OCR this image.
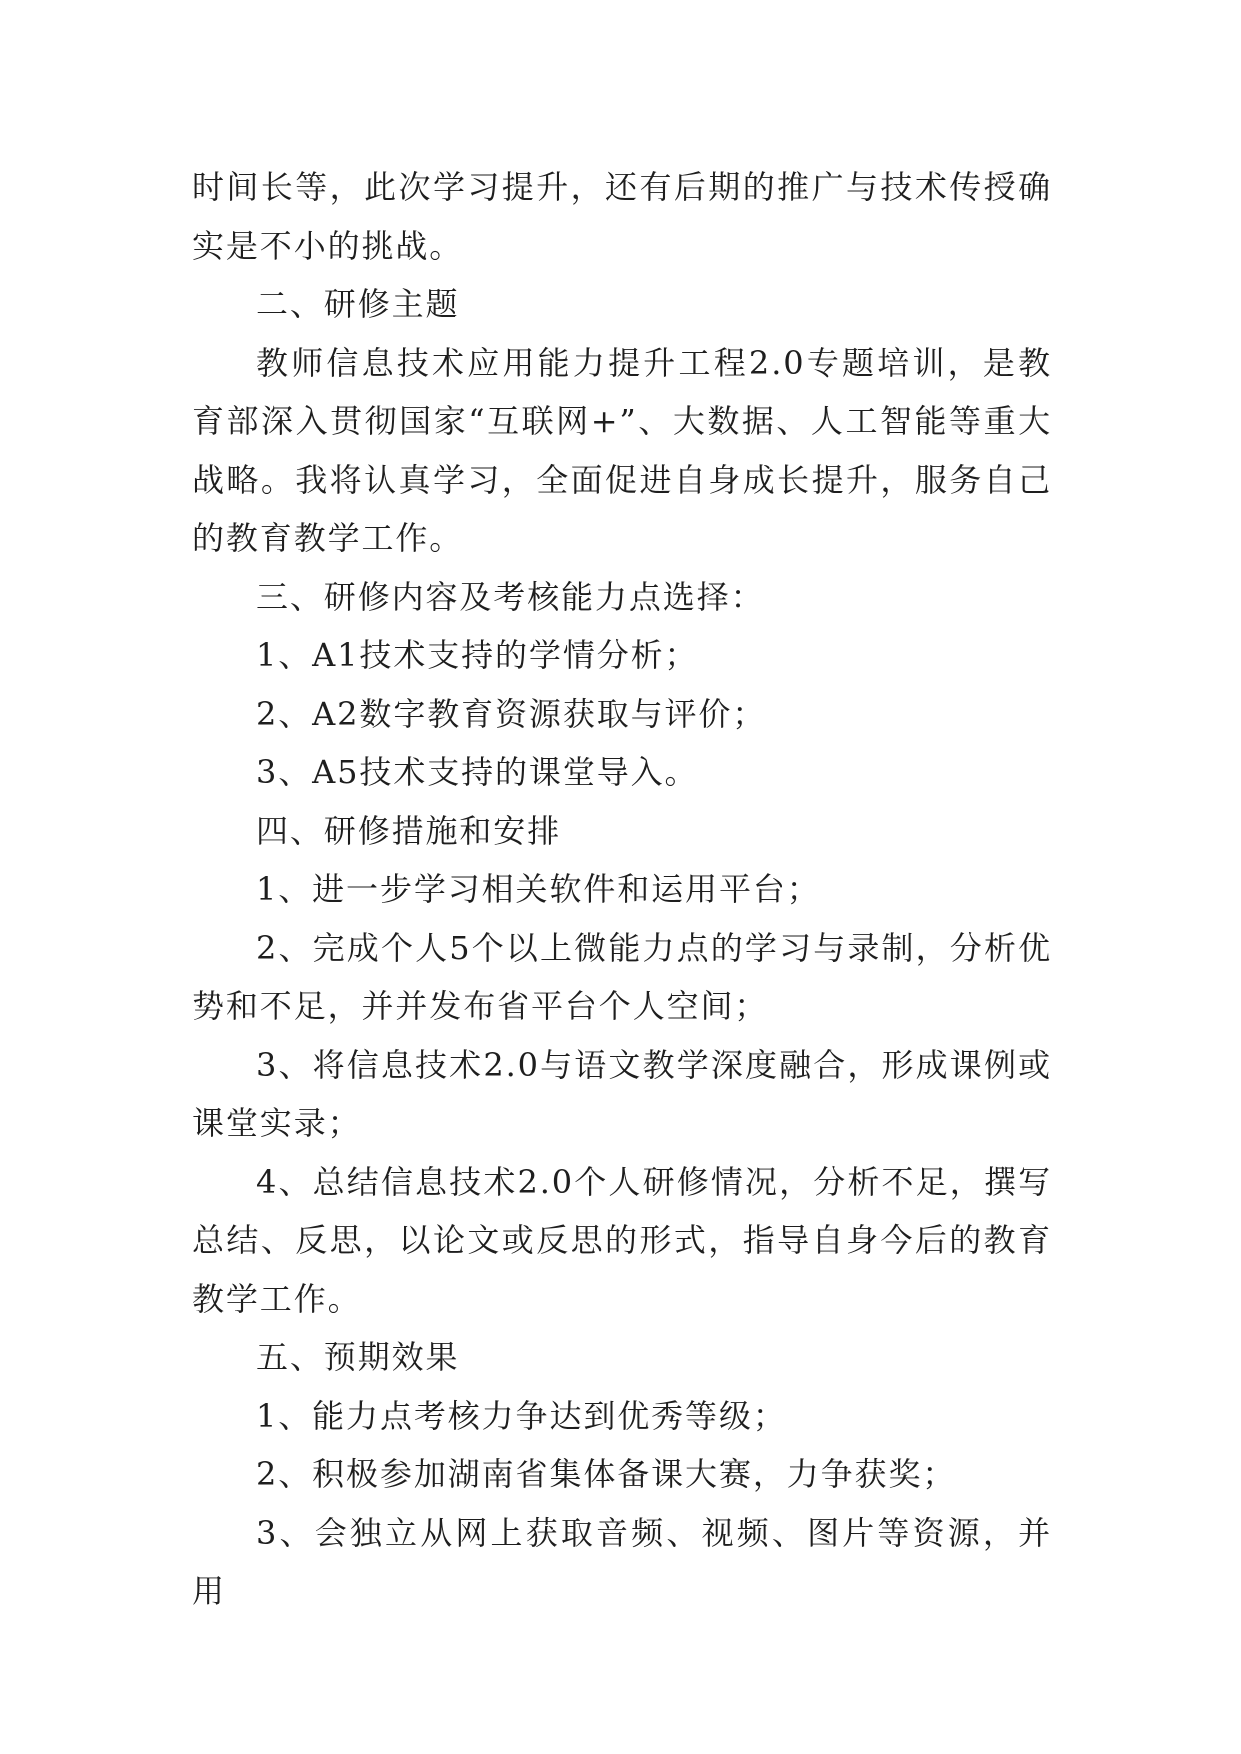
时间长等，此次学习提升，还有后期的推广与技术传授确实是不小的挑战。

二、研修主题

教师信息技术应用能力提升工程2.0专题培训，是教育部深入贯彻国家“互联网+”、大数据、人工智能等重大战略。我将认真学习，全面促进自身成长提升，服务自己的教育教学工作。

三、研修内容及考核能力点选择：

1、A1技术支持的学情分析；

2、A2数字教育资源获取与评价；

3、A5技术支持的课堂导入。

四、研修措施和安排

1、进一步学习相关软件和运用平台；

2、完成个人5个以上微能力点的学习与录制，分析优势和不足，并并发布省平台个人空间；

3、将信息技术2.0与语文教学深度融合，形成课例或课堂实录；

4、总结信息技术2.0个人研修情况，分析不足，撰写总结、反思，以论文或反思的形式，指导自身今后的教育教学工作。

五、预期效果

1、能力点考核力争达到优秀等级；

2、积极参加湖南省集体备课大赛，力争获奖；

3、会独立从网上获取音频、视频、图片等资源，并用
